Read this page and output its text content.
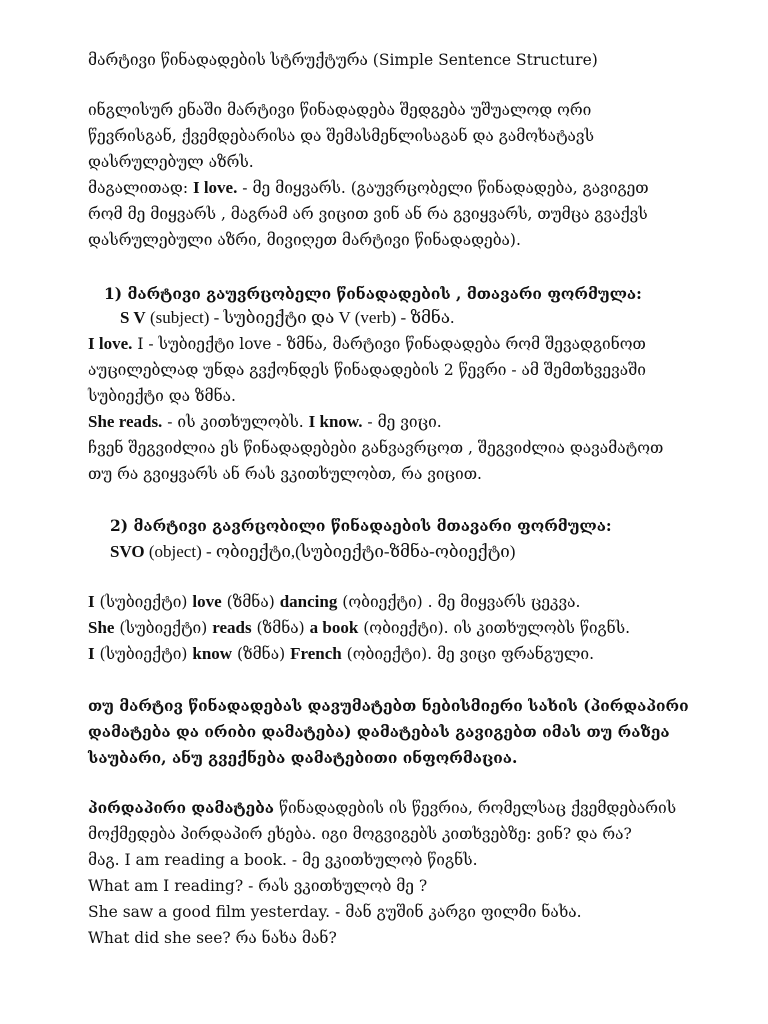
მარტივი წინადადების სტრუქტურა (Simple Sentence Structure)

ინგლისურ ენაში მარტივი წინადადება შედგება უშუალოდ ორი

წევრისგან, ქვემდებარისა და შემასმენლისაგან და გამოხატავს

დასრულებულ აზრს.

მაგალითად: I love. - მე მიყვარს. (გაუვრცობელი წინადადება, გავიგეთ

რომ მე მიყვარს , მაგრამ არ ვიცით ვინ ან რა გვიყვარს, თუმცა გვაქვს

დასრულებული აზრი, მივიღეთ მარტივი წინადადება).

1) მარტივი გაუვრცობელი წინადადების , მთავარი ფორმულა:

S V (subject) - სუბიექტი და V (verb) - ზმნა.

I love. I - სუბიექტი love - ზმნა, მარტივი წინადადება რომ შევადგინოთ

აუცილებლად უნდა გვქონდეს წინადადების 2 წევრი - ამ შემთხვევაში

სუბიექტი და ზმნა.

She reads. - ის კითხულობს. I know. - მე ვიცი.

ჩვენ შეგვიძლია ეს წინადადებები განვავრცოთ , შეგვიძლია დავამატოთ

თუ რა გვიყვარს ან რას ვკითხულობთ, რა ვიცით.

2) მარტივი გავრცობილი წინადაების მთავარი ფორმულა:

SVO (object) - ობიექტი,(სუბიექტი-ზმნა-ობიექტი)

I (სუბიექტი) love (ზმნა) dancing (ობიექტი) . მე მიყვარს ცეკვა.

She (სუბიექტი) reads (ზმნა) a book (ობიექტი). ის კითხულობს წიგნს.

I (სუბიექტი) know (ზმნა) French (ობიექტი). მე ვიცი ფრანგული.

თუ მარტივ წინადადებას დავუმატებთ ნებისმიერი სახის (პირდაპირი

დამატება და ირიბი დამატება) დამატებას გავიგებთ იმას თუ რაზეა

საუბარი, ანუ გვექნება დამატებითი ინფორმაცია.

პირდაპირი დამატება წინადადების ის წევრია, რომელსაც ქვემდებარის

მოქმედება პირდაპირ ეხება. იგი მოგვიგებს კითხვებზე: ვინ? და რა?

მაგ. I am reading a book. - მე ვკითხულობ წიგნს.

What am I reading? - რას ვკითხულობ მე ?

She saw a good film yesterday. - მან გუშინ კარგი ფილმი ნახა.

What did she see? რა ნახა მან?
